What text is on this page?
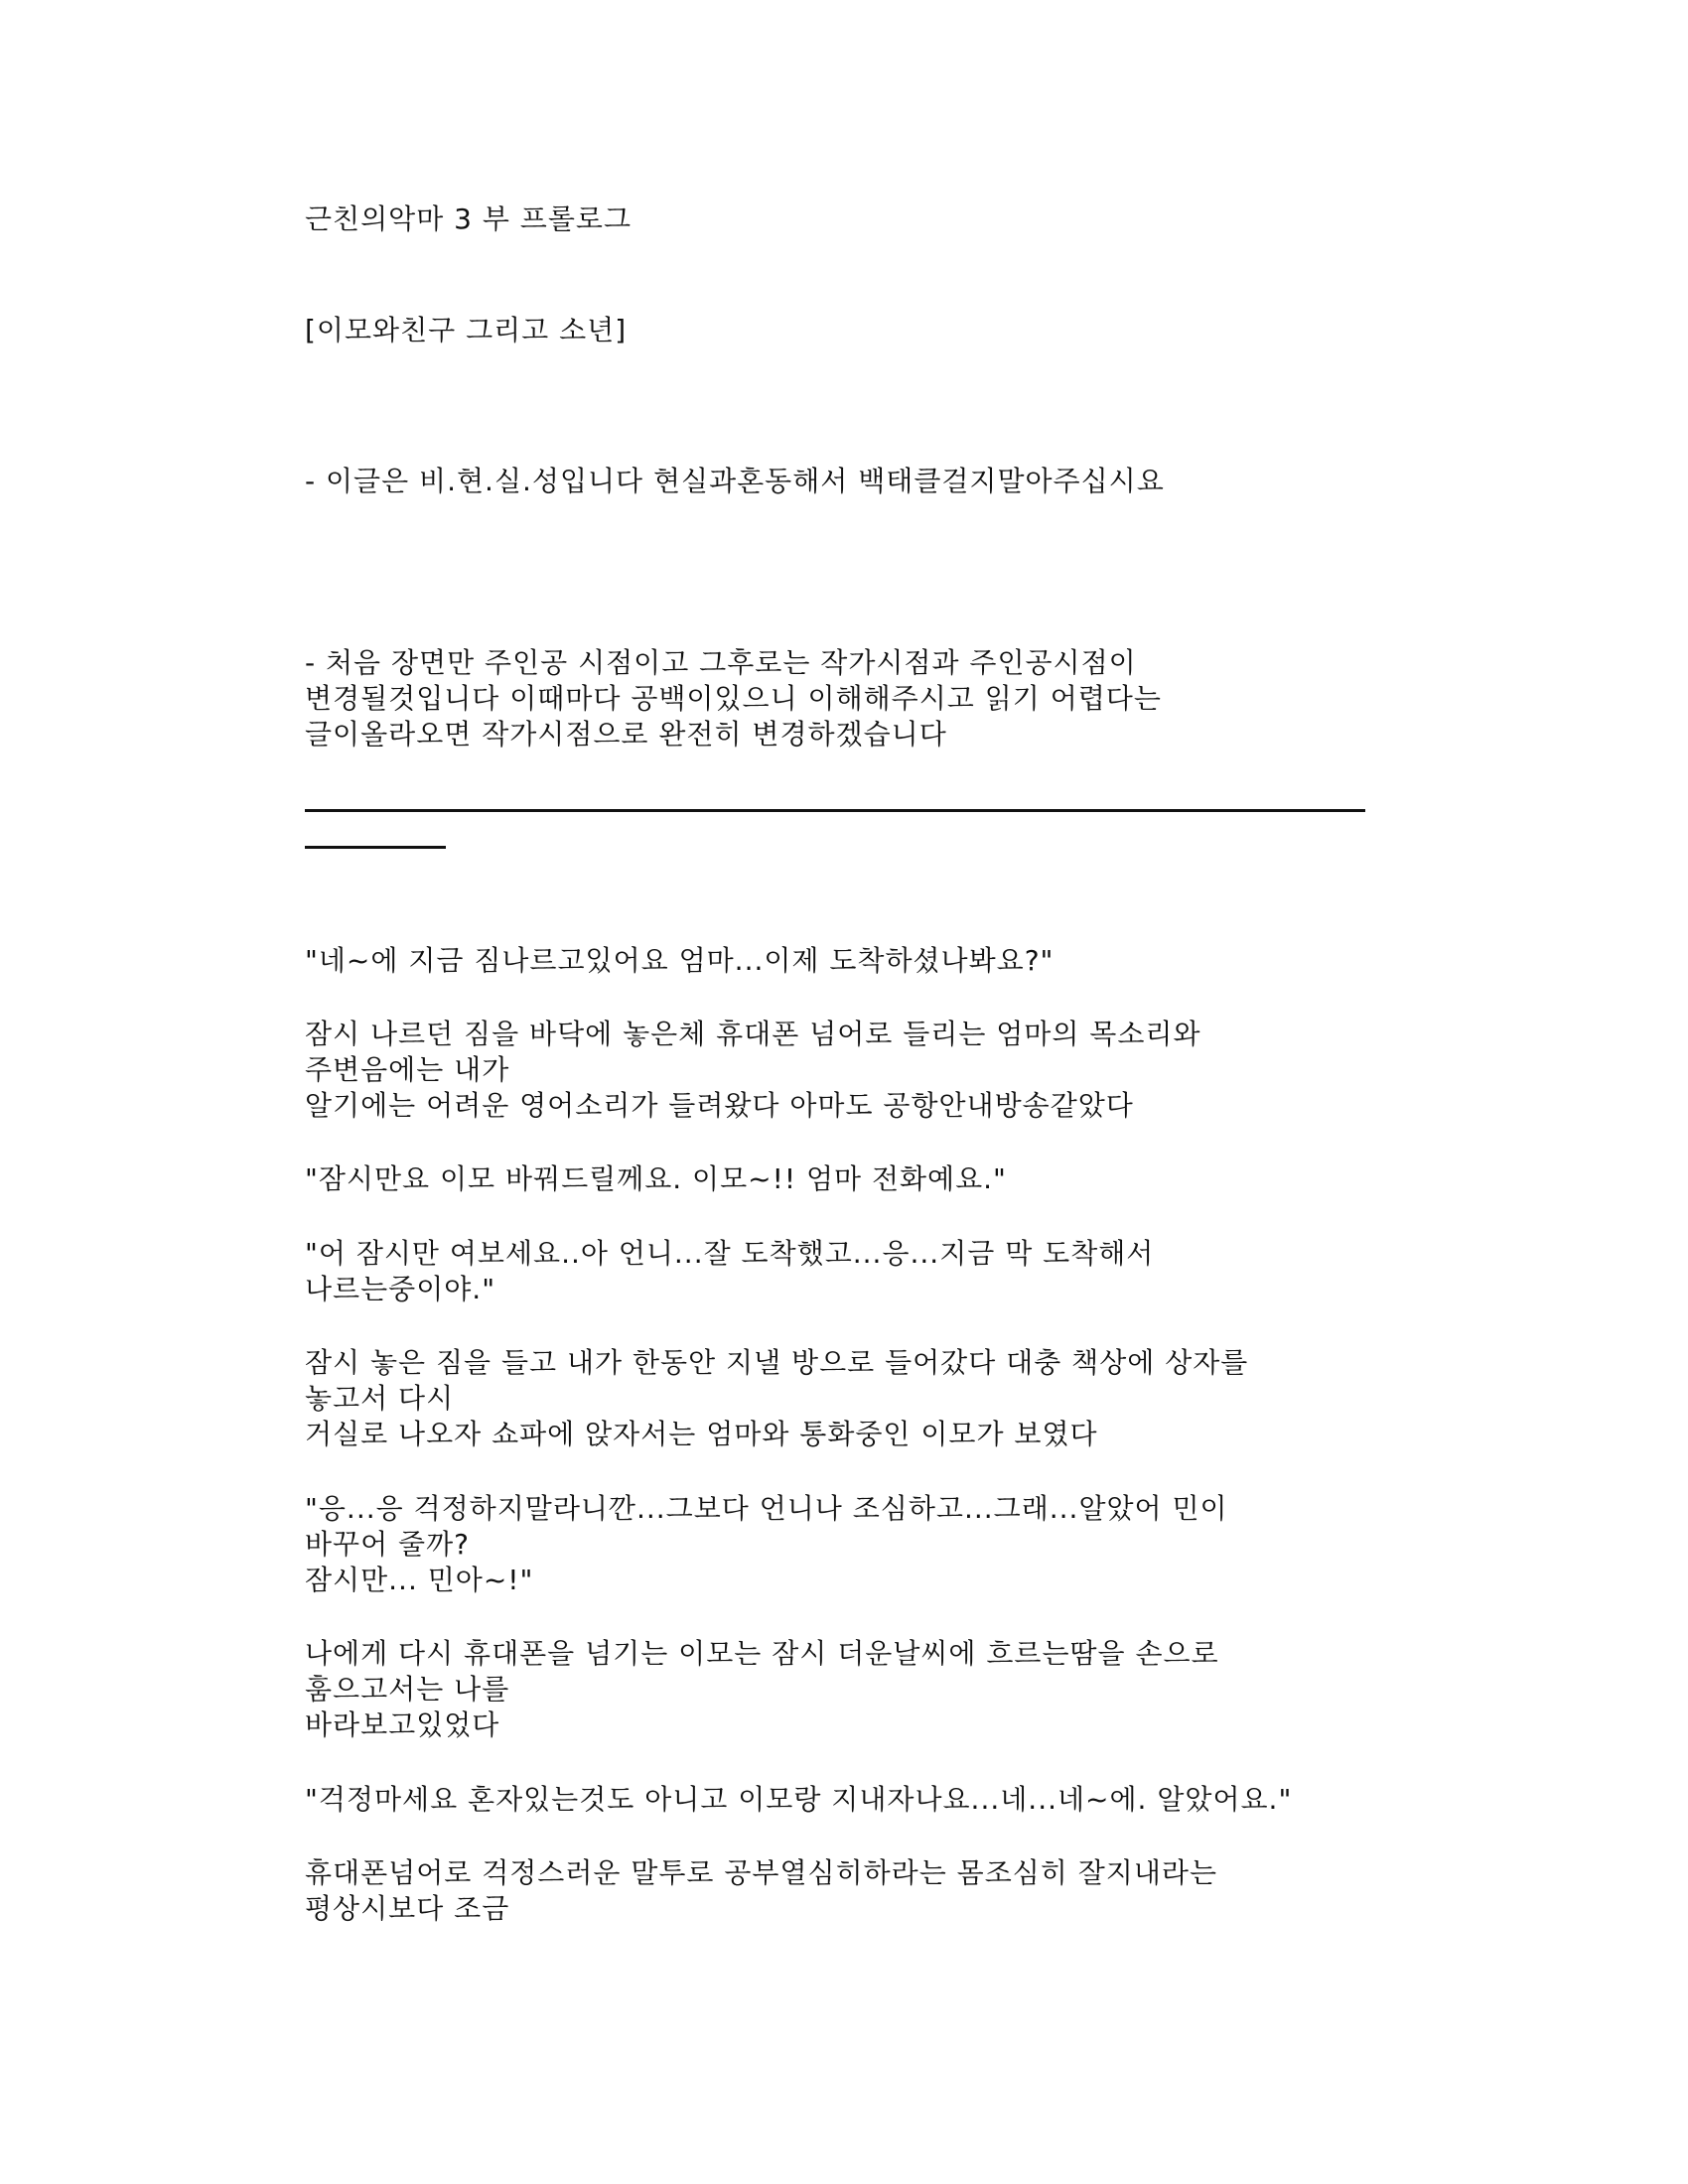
근친의악마 3 부 프롤로그
[이모와친구 그리고 소년]
- 이글은 비.현.실.성입니다 현실과혼동해서 백태클걸지말아주십시요
- 처음 장면만 주인공 시점이고 그후로는 작가시점과 주인공시점이
변경될것입니다 이때마다 공백이있으니 이해해주시고 읽기 어렵다는
글이올라오면 작가시점으로 완전히 변경하겠습니다
"네~에 지금 짐나르고있어요 엄마...이제 도착하셨나봐요?"
잠시 나르던 짐을 바닥에 놓은체 휴대폰 넘어로 들리는 엄마의 목소리와
주변음에는 내가
알기에는 어려운 영어소리가 들려왔다 아마도 공항안내방송같았다
"잠시만요 이모 바꿔드릴께요. 이모~!! 엄마 전화예요."
"어 잠시만 여보세요..아 언니...잘 도착했고...응...지금 막 도착해서
나르는중이야."
잠시 놓은 짐을 들고 내가 한동안 지낼 방으로 들어갔다 대충 책상에 상자를
놓고서 다시
거실로 나오자 쇼파에 앉자서는 엄마와 통화중인 이모가 보였다
"응...응 걱정하지말라니깐...그보다 언니나 조심하고...그래...알았어 민이
바꾸어 줄까?
잠시만... 민아~!"
나에게 다시 휴대폰을 넘기는 이모는 잠시 더운날씨에 흐르는땀을 손으로
훔으고서는 나를
바라보고있었다
"걱정마세요 혼자있는것도 아니고 이모랑 지내자나요...네...네~에. 알았어요."
휴대폰넘어로 걱정스러운 말투로 공부열심히하라는 몸조심히 잘지내라는
평상시보다 조금
